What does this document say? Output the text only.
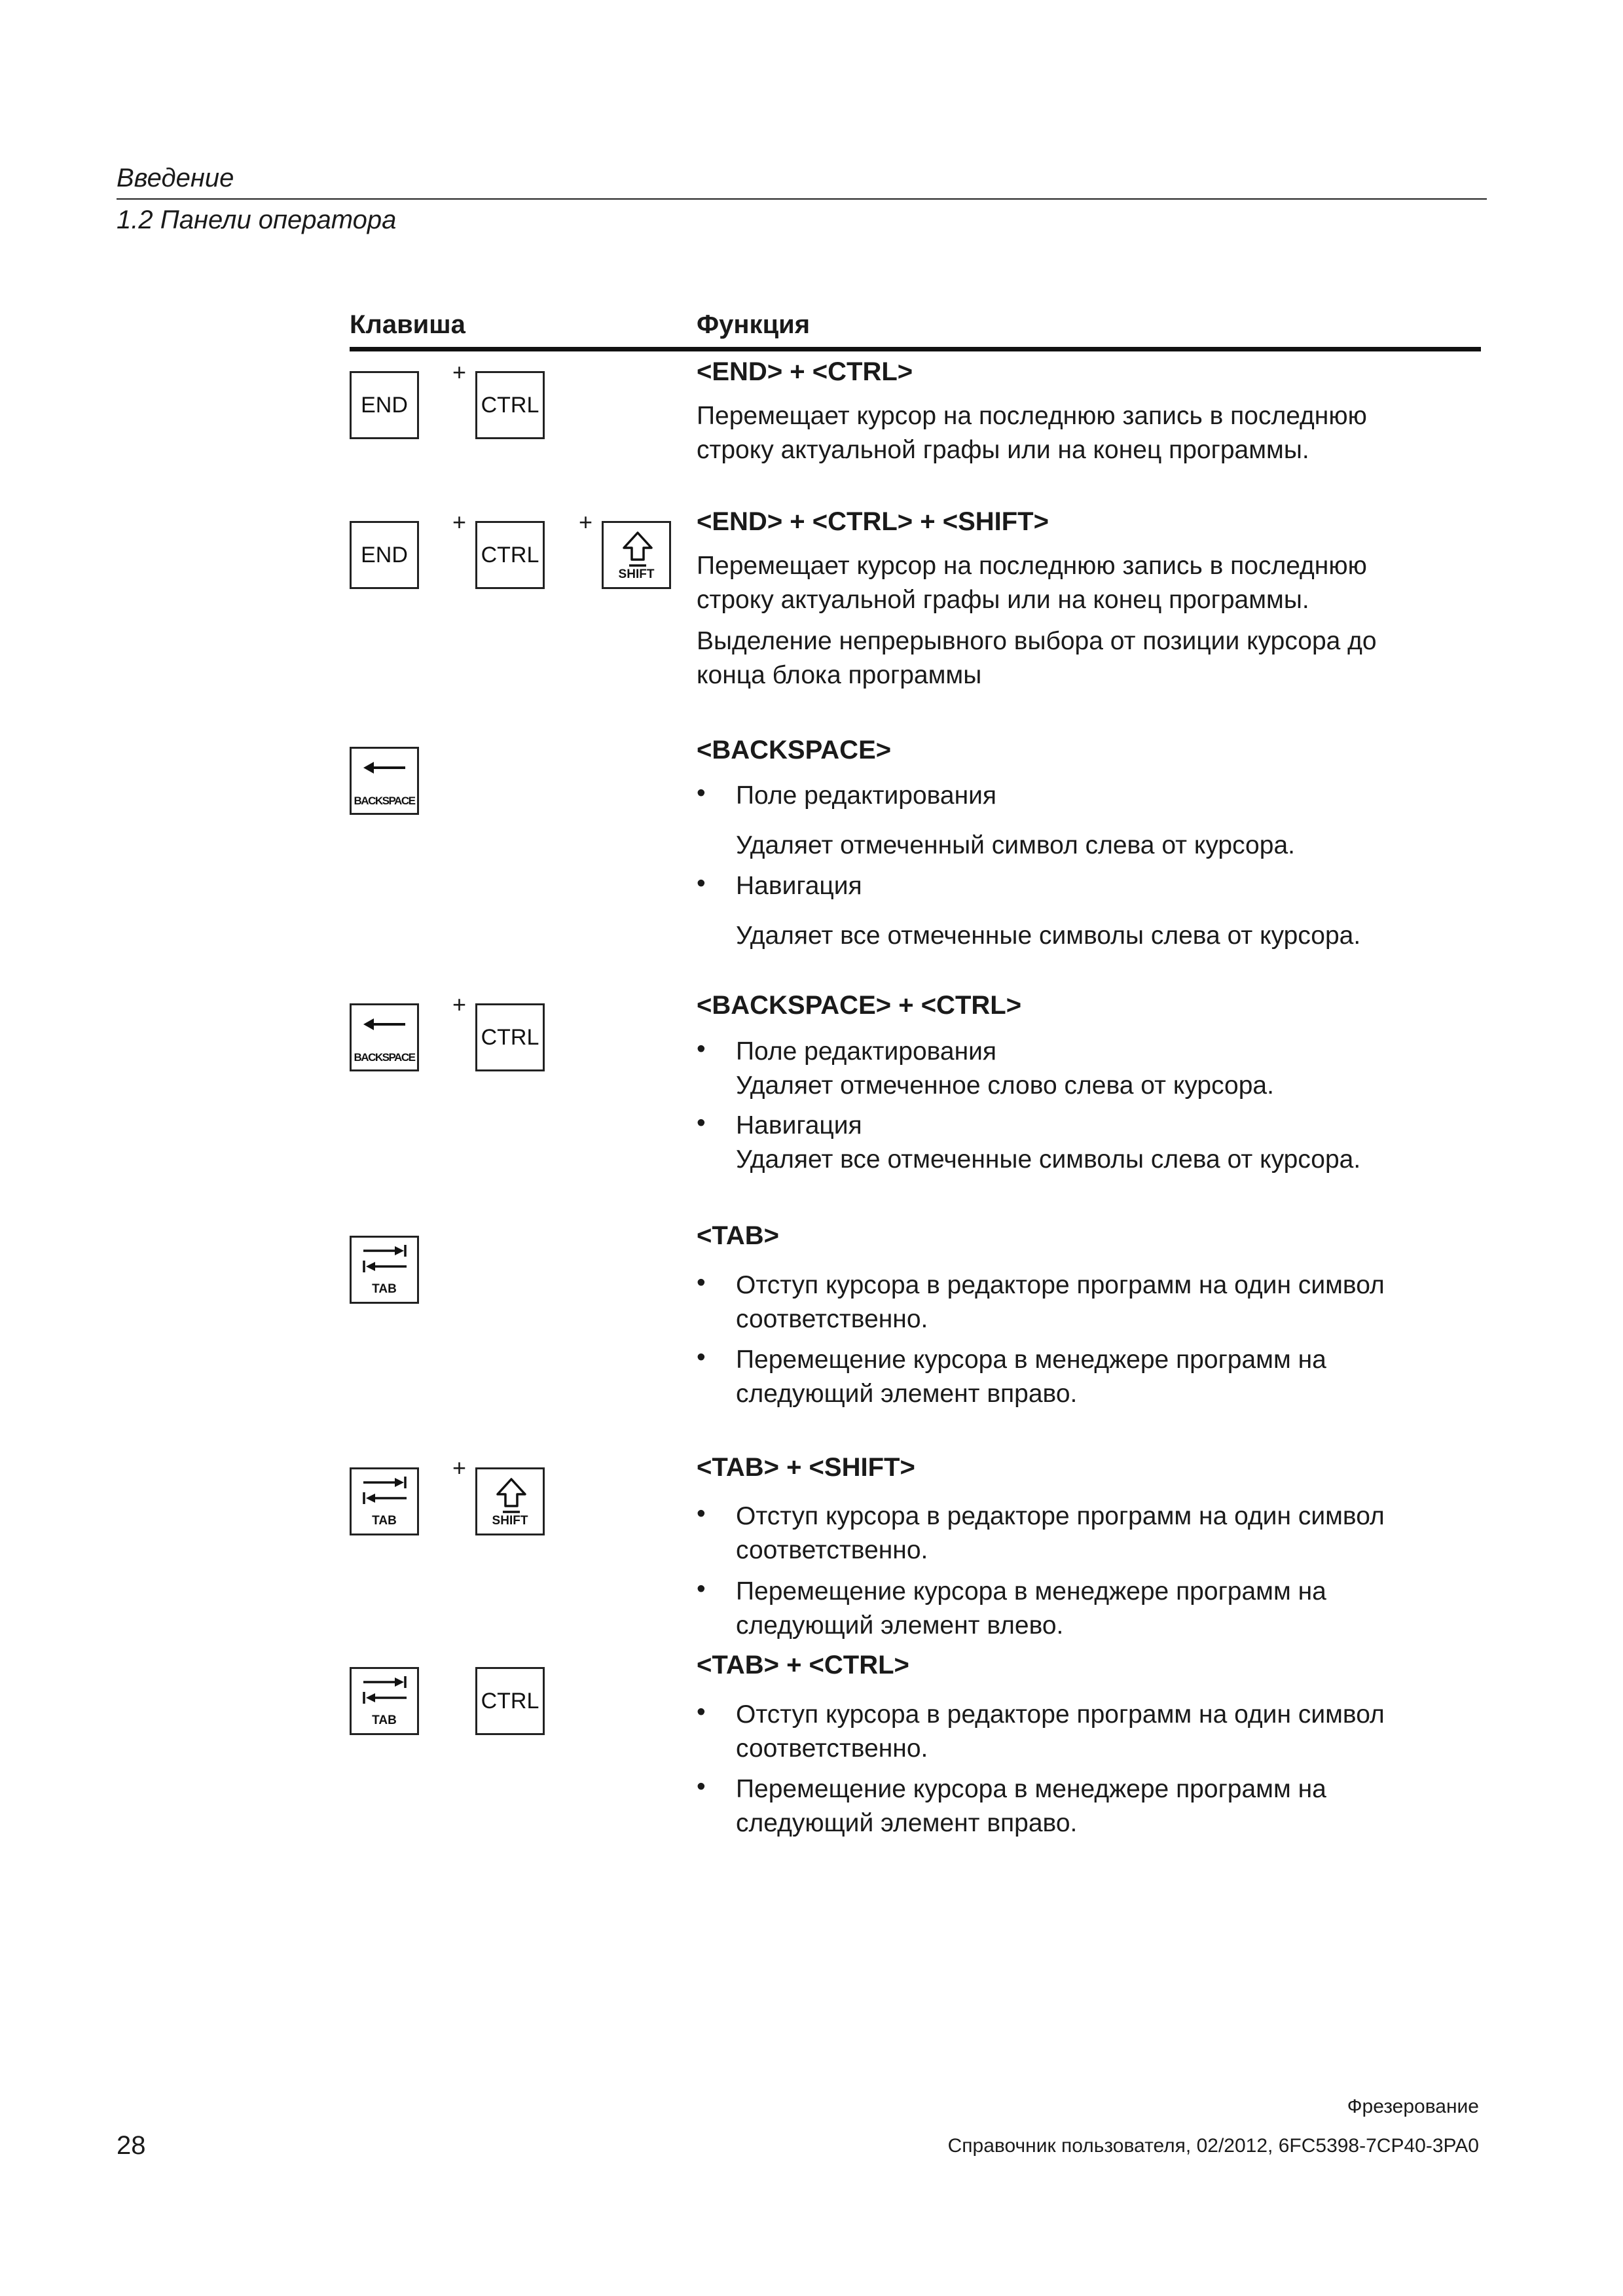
Введение
1.2 Панели оператора
Клавиша	Функция
END
+
CTRL
<END> + <CTRL>
Перемещает курсор на последнюю запись в последнюю
строку актуальной графы или на конец программы.
END
+
CTRL
+
SHIFT
<END> + <CTRL> + <SHIFT>
Перемещает курсор на последнюю запись в последнюю
строку актуальной графы или на конец программы.
Выделение непрерывного выбора от позиции курсора до
конца блока программы
BACKSPACE
<BACKSPACE>
• Поле редактирования
Удаляет отмеченный символ слева от курсора.
• Навигация
Удаляет все отмеченные символы слева от курсора.
BACKSPACE
+
CTRL
<BACKSPACE> + <CTRL>
• Поле редактирования
Удаляет отмеченное слово слева от курсора.
• Навигация
Удаляет все отмеченные символы слева от курсора.
TAB
<TAB>
• Отступ курсора в редакторе программ на один символ
соответственно.
• Перемещение курсора в менеджере программ на
следующий элемент вправо.
TAB
+
SHIFT
<TAB> + <SHIFT>
• Отступ курсора в редакторе программ на один символ
соответственно.
• Перемещение курсора в менеджере программ на
следующий элемент влево.
TAB
CTRL
<TAB> + <CTRL>
• Отступ курсора в редакторе программ на один символ
соответственно.
• Перемещение курсора в менеджере программ на
следующий элемент вправо.
Фрезерование
28	Справочник пользователя, 02/2012, 6FC5398-7CP40-3PA0
